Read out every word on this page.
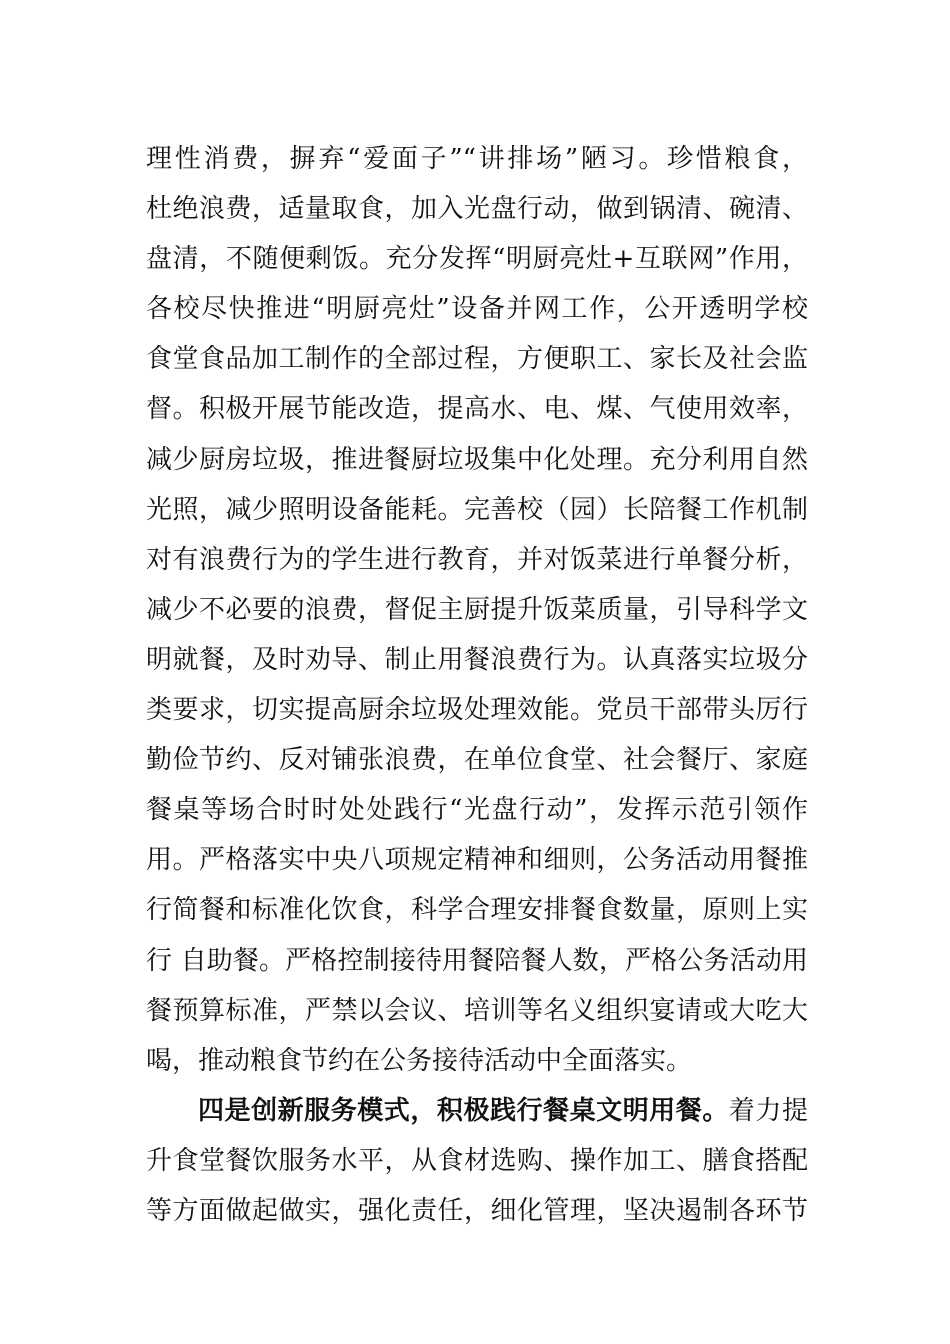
理性消费，摒弃“爱面子”“讲排场”陋习。珍惜粮食，
杜绝浪费，适量取食，加入光盘行动，做到锅清、碗清、
盘清，不随便剩饭。充分发挥“明厨亮灶+互联网”作用，
各校尽快推进“明厨亮灶”设备并网工作，公开透明学校
食堂食品加工制作的全部过程，方便职工、家长及社会监
督。积极开展节能改造，提高水、电、煤、气使用效率，
减少厨房垃圾，推进餐厨垃圾集中化处理。充分利用自然
光照，减少照明设备能耗。完善校（园）长陪餐工作机制
对有浪费行为的学生进行教育，并对饭菜进行单餐分析，
减少不必要的浪费，督促主厨提升饭菜质量，引导科学文
明就餐，及时劝导、制止用餐浪费行为。认真落实垃圾分
类要求，切实提高厨余垃圾处理效能。党员干部带头厉行
勤俭节约、反对铺张浪费，在单位食堂、社会餐厅、家庭
餐桌等场合时时处处践行“光盘行动”，发挥示范引领作
用。严格落实中央八项规定精神和细则，公务活动用餐推
行简餐和标准化饮食，科学合理安排餐食数量，原则上实
行 自助餐。严格控制接待用餐陪餐人数，严格公务活动用
餐预算标准，严禁以会议、培训等名义组织宴请或大吃大
喝，推动粮食节约在公务接待活动中全面落实。
四是创新服务模式，积极践行餐桌文明用餐。着力提
升食堂餐饮服务水平，从食材选购、操作加工、膳食搭配
等方面做起做实，强化责任，细化管理，坚决遏制各环节
